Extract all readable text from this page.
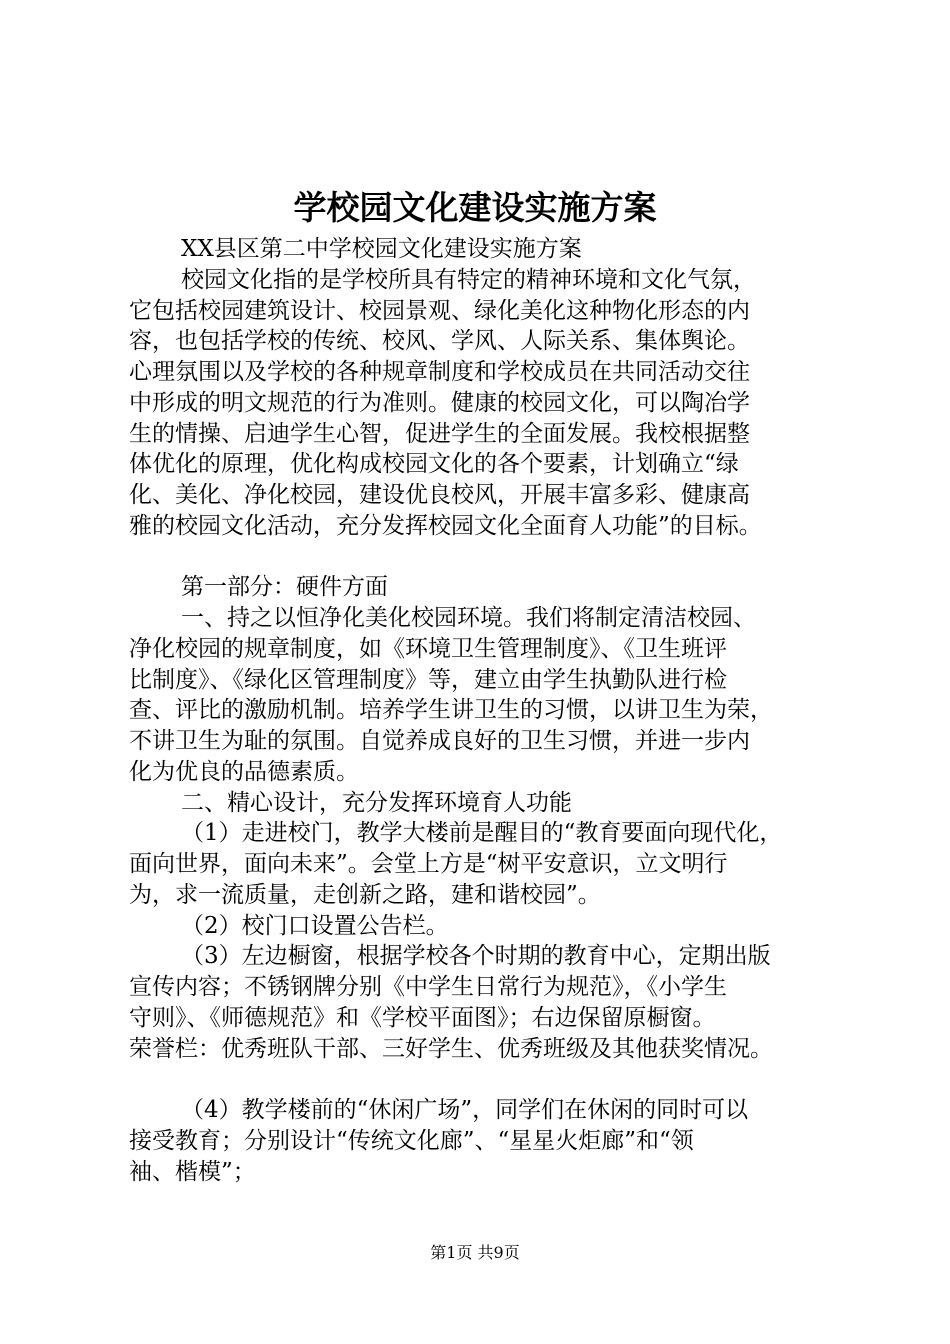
学校园文化建设实施方案
XX县区第二中学校园文化建设实施方案
校园文化指的是学校所具有特定的精神环境和文化气氛，
它包括校园建筑设计、校园景观、绿化美化这种物化形态的内
容，也包括学校的传统、校风、学风、人际关系、集体舆论。
心理氛围以及学校的各种规章制度和学校成员在共同活动交往
中形成的明文规范的行为准则。健康的校园文化，可以陶冶学
生的情操、启迪学生心智，促进学生的全面发展。我校根据整
体优化的原理，优化构成校园文化的各个要素，计划确立“绿
化、美化、净化校园，建设优良校风，开展丰富多彩、健康高
雅的校园文化活动，充分发挥校园文化全面育人功能”的目标。
第一部分：硬件方面
一、持之以恒净化美化校园环境。我们将制定清洁校园、
净化校园的规章制度，如《环境卫生管理制度》、《卫生班评
比制度》、《绿化区管理制度》等，建立由学生执勤队进行检
查、评比的激励机制。培养学生讲卫生的习惯，以讲卫生为荣，
不讲卫生为耻的氛围。自觉养成良好的卫生习惯，并进一步内
化为优良的品德素质。
二、精心设计，充分发挥环境育人功能
（1）走进校门，教学大楼前是醒目的“教育要面向现代化，
面向世界，面向未来”。会堂上方是“树平安意识，立文明行
为，求一流质量，走创新之路，建和谐校园”。
（2）校门口设置公告栏。
（3）左边橱窗，根据学校各个时期的教育中心，定期出版
宣传内容；不锈钢牌分别《中学生日常行为规范》，《小学生
守则》、《师德规范》和《学校平面图》；右边保留原橱窗。
荣誉栏：优秀班队干部、三好学生、优秀班级及其他获奖情况。
（4）教学楼前的“休闲广场”，同学们在休闲的同时可以
接受教育；分别设计“传统文化廊”、“星星火炬廊”和“领
袖、楷模”；
第1页 共9页
